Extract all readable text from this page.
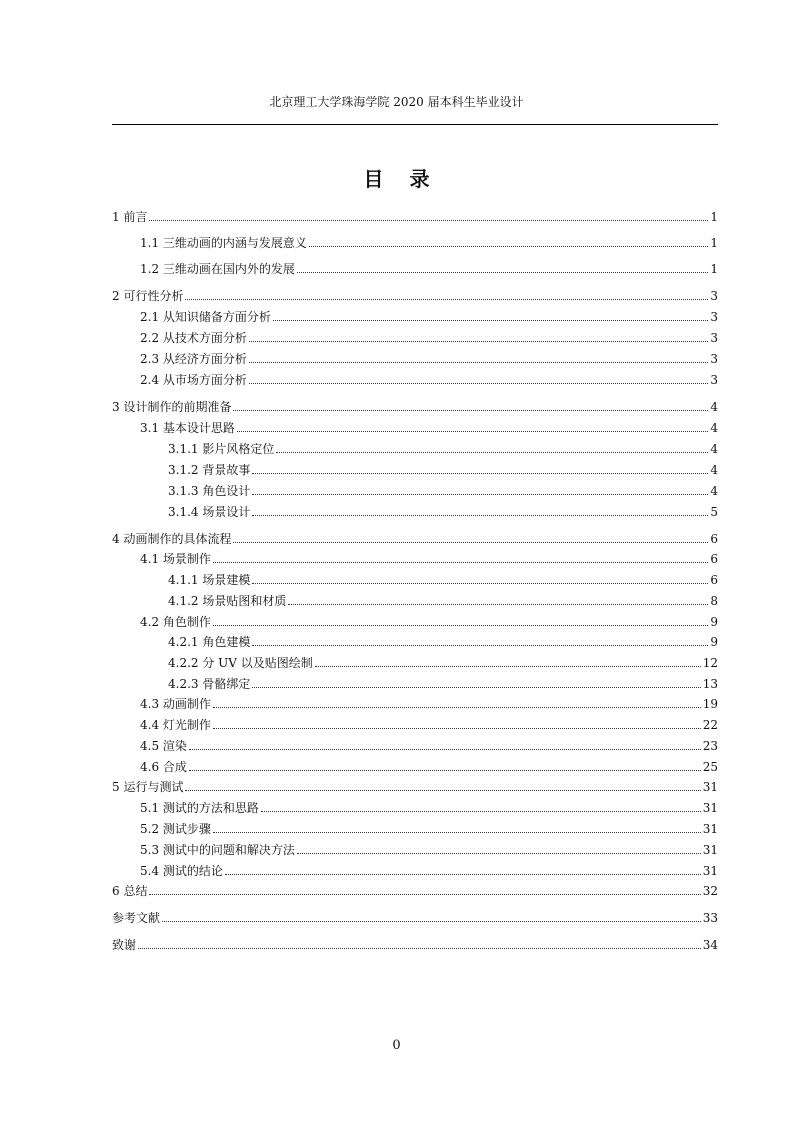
北京理工大学珠海学院 2020 届本科生毕业设计
目录
1 前言	1
1.1 三维动画的内涵与发展意义	1
1.2 三维动画在国内外的发展	1
2 可行性分析	3
2.1 从知识储备方面分析	3
2.2 从技术方面分析	3
2.3 从经济方面分析	3
2.4 从市场方面分析	3
3 设计制作的前期准备	4
3.1 基本设计思路	4
3.1.1 影片风格定位	4
3.1.2 背景故事	4
3.1.3 角色设计	4
3.1.4 场景设计	5
4 动画制作的具体流程	6
4.1 场景制作	6
4.1.1 场景建模	6
4.1.2 场景贴图和材质	8
4.2 角色制作	9
4.2.1 角色建模	9
4.2.2 分 UV 以及贴图绘制	12
4.2.3 骨骼绑定	13
4.3 动画制作	19
4.4 灯光制作	22
4.5 渲染	23
4.6 合成	25
5 运行与测试	31
5.1 测试的方法和思路	31
5.2 测试步骤	31
5.3 测试中的问题和解决方法	31
5.4 测试的结论	31
6 总结	32
参考文献	33
致谢	34
0
